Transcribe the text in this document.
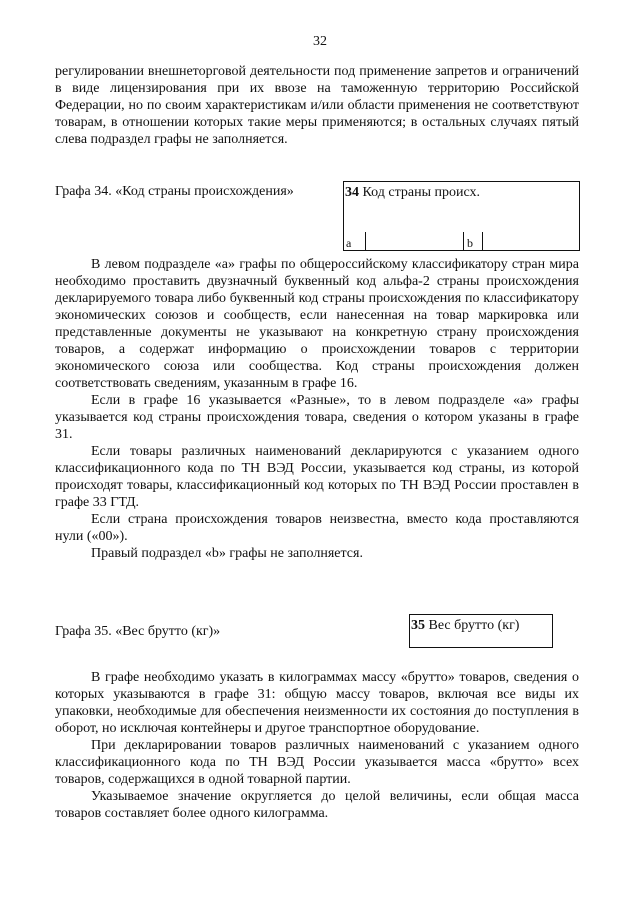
32

регулировании внешнеторговой деятельности под применение запретов и ограничений в виде лицензирования при их ввозе на таможенную территорию Российской Федерации, но по своим характеристикам и/или области применения не соответствуют товарам, в отношении которых такие меры применяются; в остальных случаях пятый слева подраздел графы не заполняется.

Графа 34. «Код страны происхождения»	34 Код страны происх.
a	b

В левом подразделе «а» графы по общероссийскому классификатору стран мира необходимо проставить двузначный буквенный код альфа-2 страны происхождения декларируемого товара либо буквенный код страны происхождения по классификатору экономических союзов и сообществ, если нанесенная на товар маркировка или представленные документы не указывают на конкретную страну происхождения товаров, а содержат информацию о происхождении товаров с территории экономического союза или сообщества. Код страны происхождения должен соответствовать сведениям, указанным в графе 16.

Если в графе 16 указывается «Разные», то в левом подразделе «а» графы указывается код страны происхождения товара, сведения о котором указаны в графе 31.

Если товары различных наименований декларируются с указанием одного классификационного кода по ТН ВЭД России, указывается код страны, из которой происходят товары, классификационный код которых по ТН ВЭД России проставлен в графе 33 ГТД.

Если страна происхождения товаров неизвестна, вместо кода проставляются нули («00»).

Правый подраздел «b» графы не заполняется.

Графа 35. «Вес брутто (кг)»	35 Вес брутто (кг)

В графе необходимо указать в килограммах массу «брутто» товаров, сведения о которых указываются в графе 31: общую массу товаров, включая все виды их упаковки, необходимые для обеспечения неизменности их состояния до поступления в оборот, но исключая контейнеры и другое транспортное оборудование.

При декларировании товаров различных наименований с указанием одного классификационного кода по ТН ВЭД России указывается масса «брутто» всех товаров, содержащихся в одной товарной партии.

Указываемое значение округляется до целой величины, если общая масса товаров составляет более одного килограмма.
